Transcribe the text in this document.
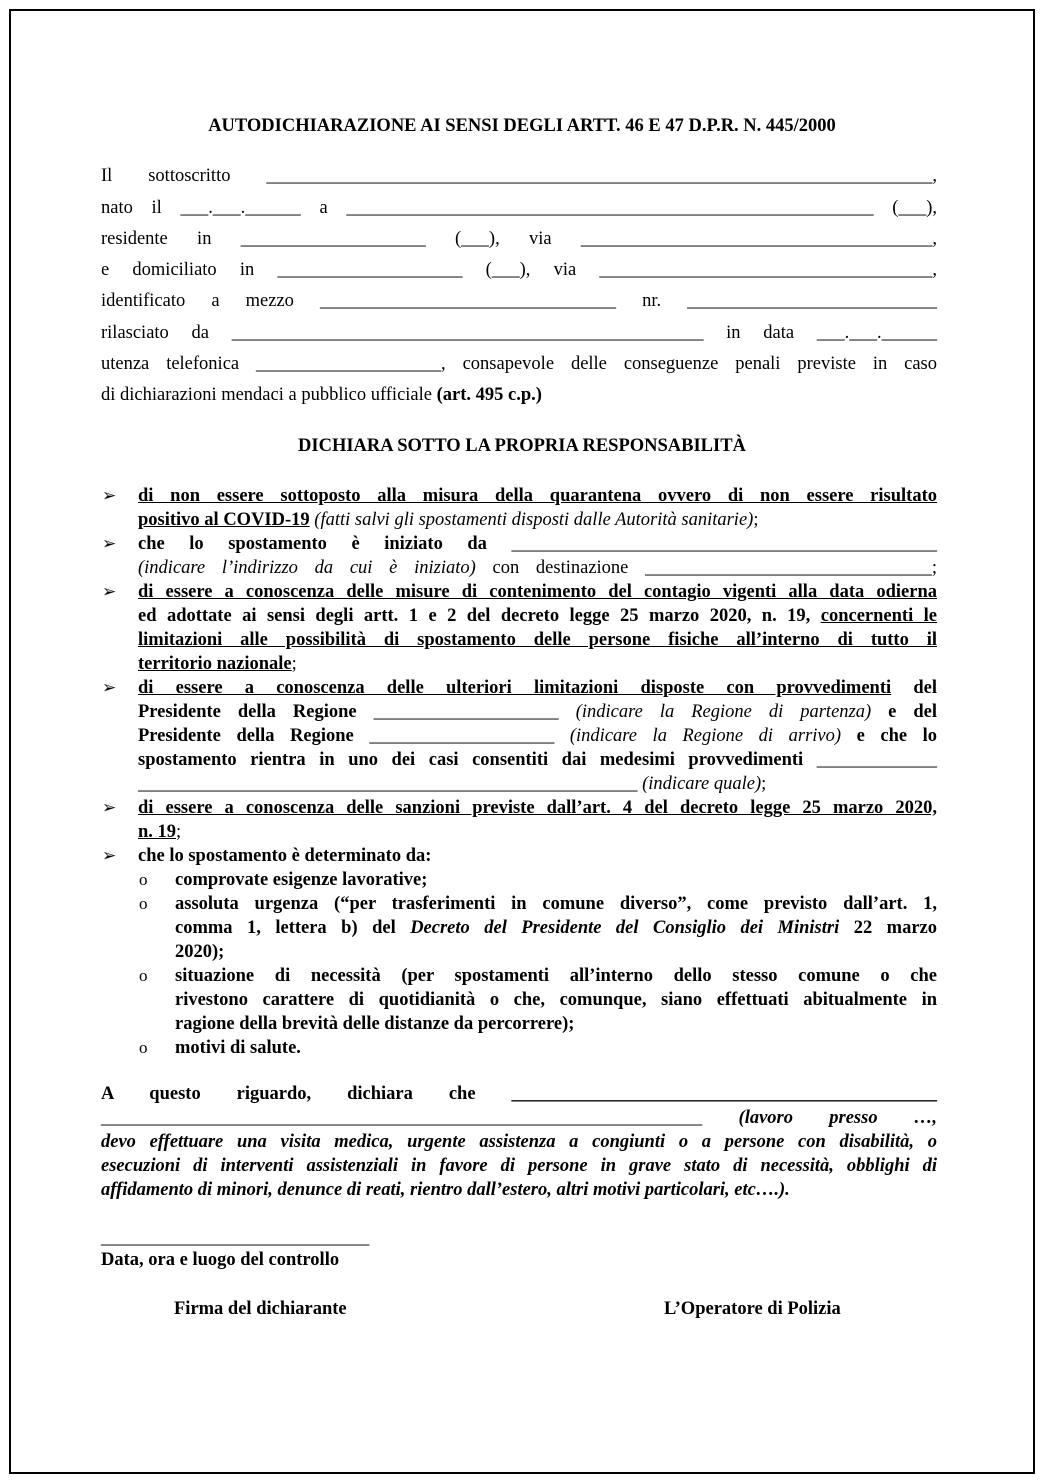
AUTODICHIARAZIONE AI SENSI DEGLI ARTT. 46 E 47 D.P.R. N. 445/2000
Il sottoscritto ________________________________________________________________________,
nato il ___.___.______ a _________________________________________________________ (___),
residente in ____________________ (___), via ______________________________________,
e domiciliato in ____________________ (___), via ____________________________________,
identificato a mezzo ________________________________ nr. ___________________________
rilasciato da ___________________________________________________ in data ___.___.______
utenza telefonica ____________________, consapevole delle conseguenze penali previste in caso
di dichiarazioni mendaci a pubblico ufficiale (art. 495 c.p.)
DICHIARA SOTTO LA PROPRIA RESPONSABILITÀ
➢ di non essere sottoposto alla misura della quarantena ovvero di non essere risultato
positivo al COVID-19 (fatti salvi gli spostamenti disposti dalle Autorità sanitarie);
➢ che lo spostamento è iniziato da ______________________________________________
(indicare l’indirizzo da cui è iniziato) con destinazione _______________________________;
➢ di essere a conoscenza delle misure di contenimento del contagio vigenti alla data odierna
ed adottate ai sensi degli artt. 1 e 2 del decreto legge 25 marzo 2020, n. 19, concernenti le
limitazioni alle possibilità di spostamento delle persone fisiche all’interno di tutto il
territorio nazionale;
➢ di essere a conoscenza delle ulteriori limitazioni disposte con provvedimenti del
Presidente della Regione ____________________ (indicare la Regione di partenza) e del
Presidente della Regione ____________________ (indicare la Regione di arrivo) e che lo
spostamento rientra in uno dei casi consentiti dai medesimi provvedimenti _____________
______________________________________________________ (indicare quale);
➢ di essere a conoscenza delle sanzioni previste dall’art. 4 del decreto legge 25 marzo 2020,
n. 19;
➢ che lo spostamento è determinato da:
o comprovate esigenze lavorative;
o assoluta urgenza (“per trasferimenti in comune diverso”, come previsto dall’art. 1,
comma 1, lettera b) del Decreto del Presidente del Consiglio dei Ministri 22 marzo
2020);
o situazione di necessità (per spostamenti all’interno dello stesso comune o che
rivestono carattere di quotidianità o che, comunque, siano effettuati abitualmente in
ragione della brevità delle distanze da percorrere);
o motivi di salute.
A questo riguardo, dichiara che ______________________________________________
_________________________________________________________________ (lavoro presso …,
devo effettuare una visita medica, urgente assistenza a congiunti o a persone con disabilità, o
esecuzioni di interventi assistenziali in favore di persone in grave stato di necessità, obblighi di
affidamento di minori, denunce di reati, rientro dall’estero, altri motivi particolari, etc….).
_____________________________
Data, ora e luogo del controllo
Firma del dichiarante	L’Operatore di Polizia
